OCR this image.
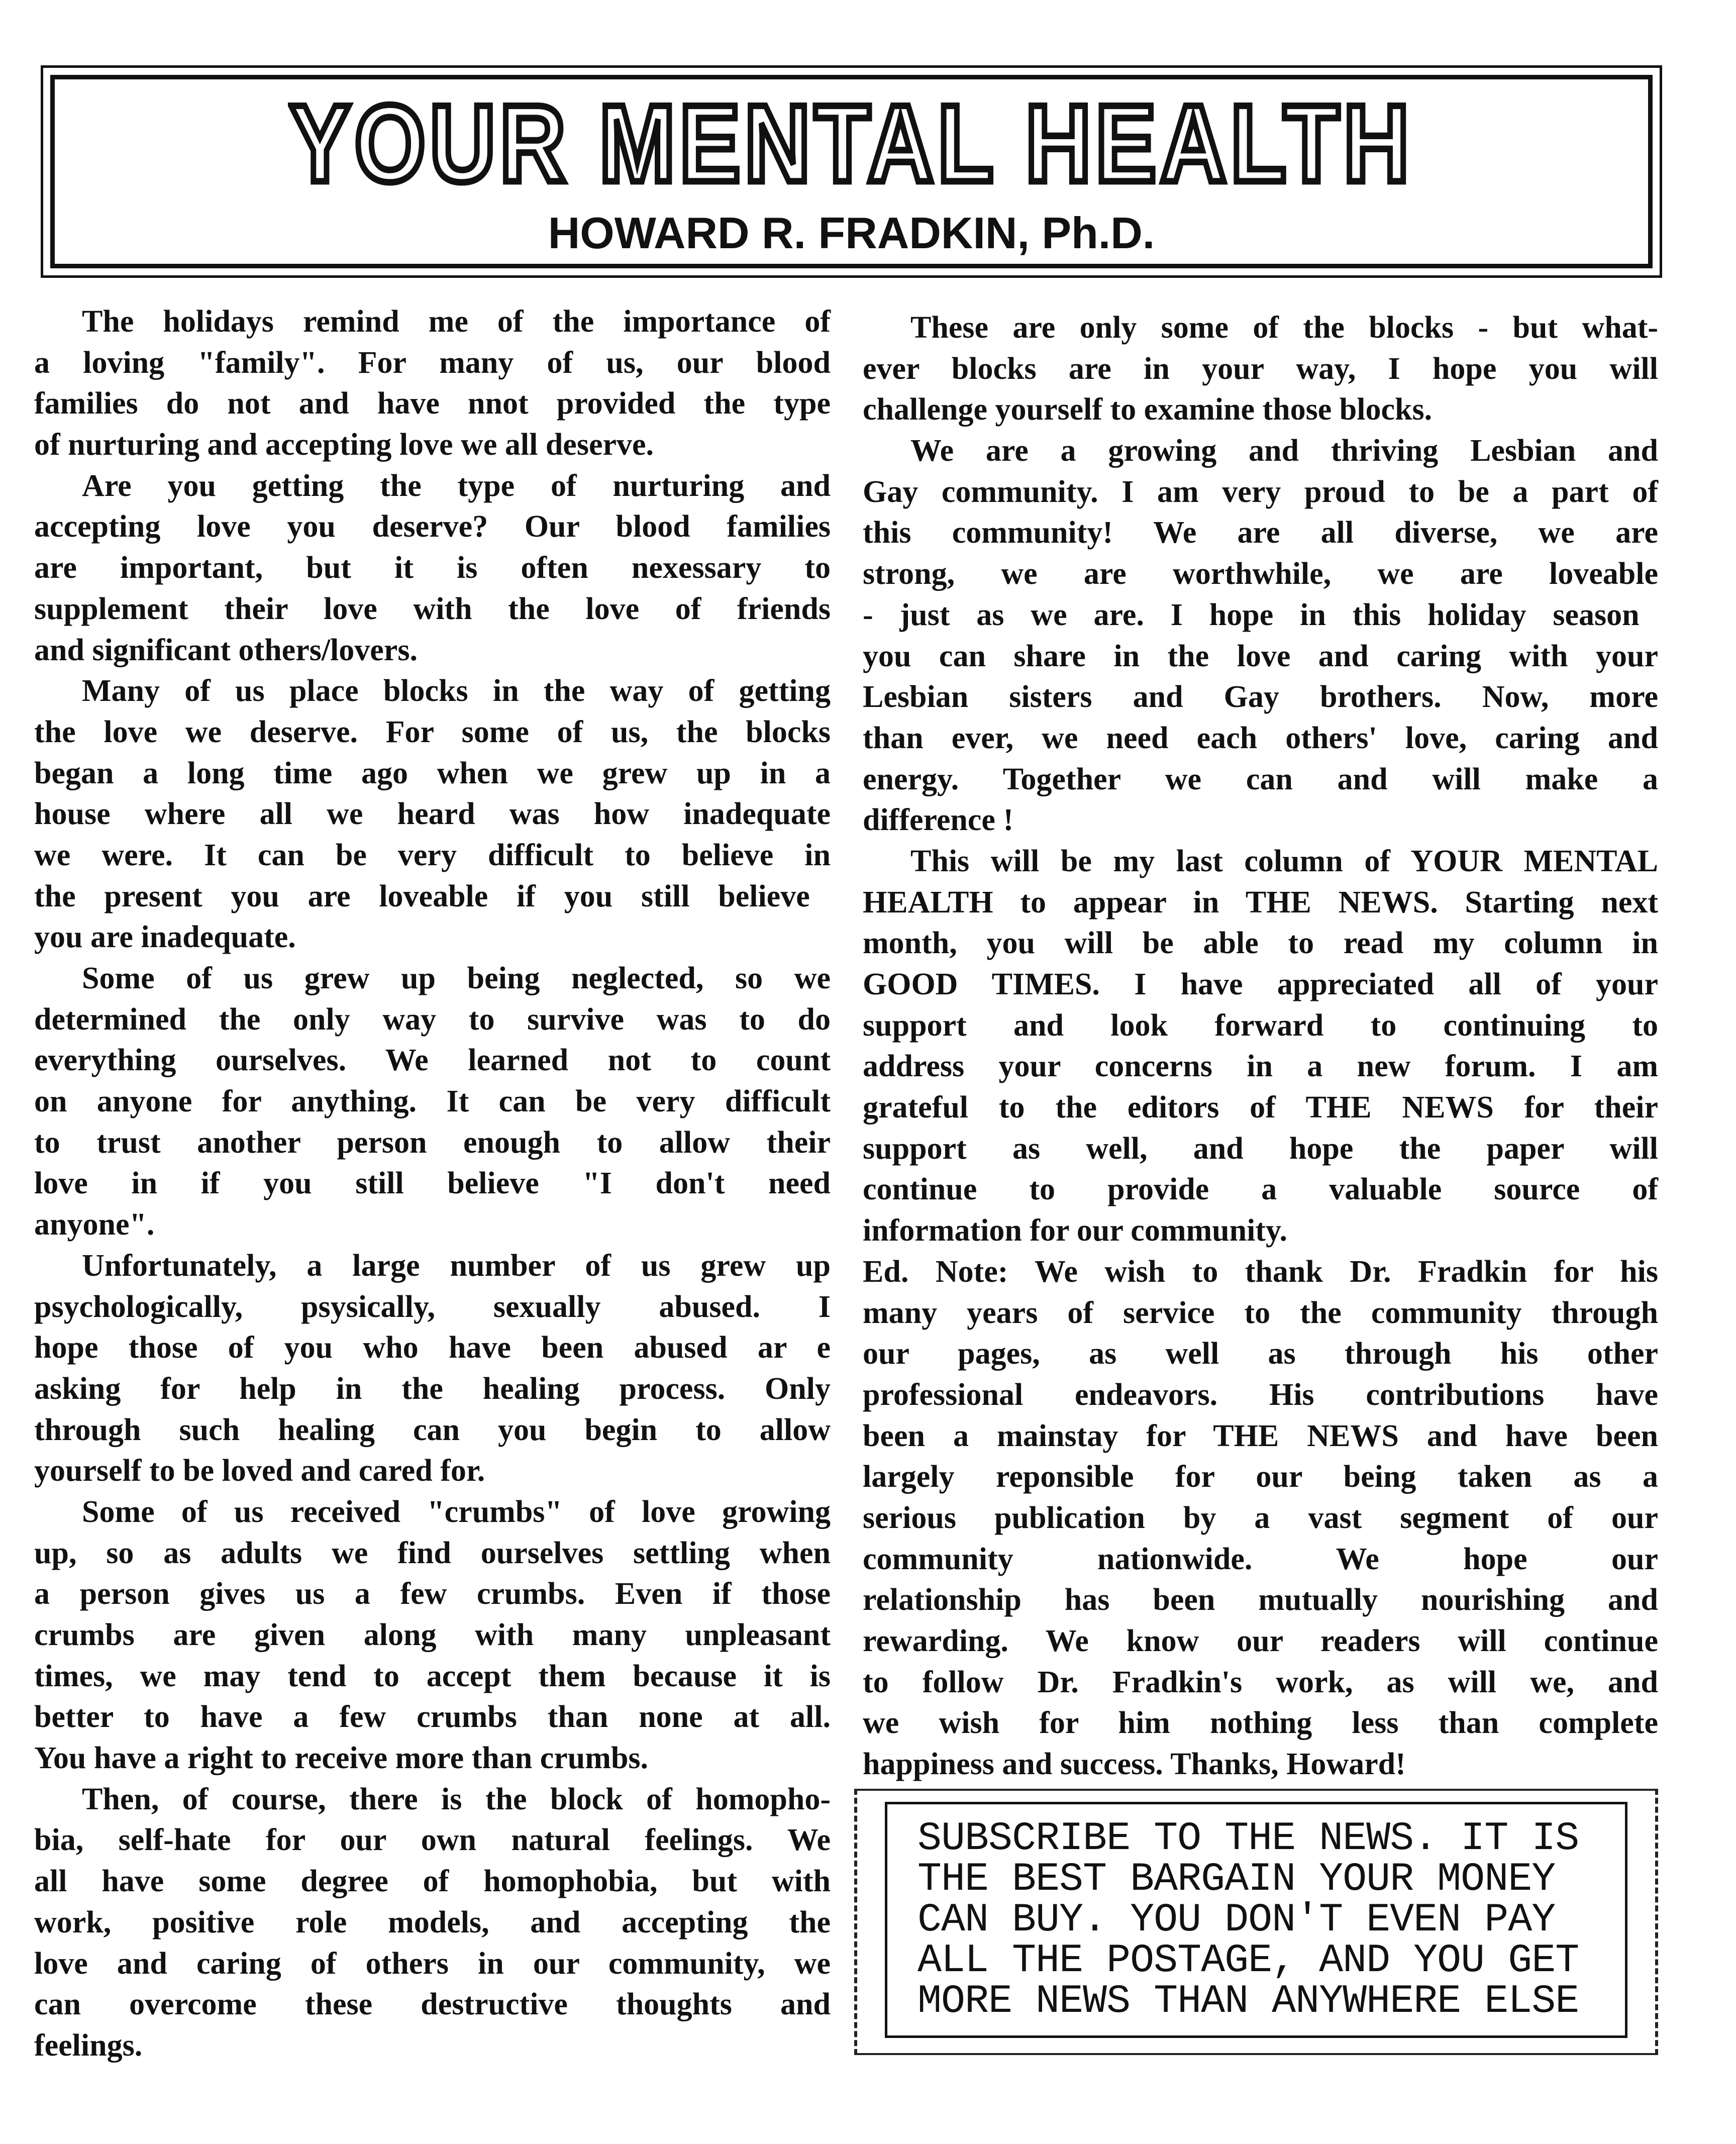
YOUR MENTAL HEALTH
HOWARD R. FRADKIN, Ph.D.
The holidays remind me of the importance of
a loving "family". For many of us, our blood
families do not and have nnot provided the type
of nurturing and accepting love we all deserve.
Are you getting the type of nurturing and
accepting love you deserve? Our blood families
are important, but it is often nexessary to
supplement their love with the love of friends
and significant others/lovers.
Many of us place blocks in the way of getting
the love we deserve. For some of us, the blocks
began a long time ago when we grew up in a
house where all we heard was how inadequate
we were. It can be very difficult to believe in
the present you are loveable if you still believe
you are inadequate.
Some of us grew up being neglected, so we
determined the only way to survive was to do
everything ourselves. We learned not to count
on anyone for anything. It can be very difficult
to trust another person enough to allow their
love in if you still believe "I don't need
anyone".
Unfortunately, a large number of us grew up
psychologically, psysically, sexually abused. I
hope those of you who have been abused ar e
asking for help in the healing process. Only
through such healing can you begin to allow
yourself to be loved and cared for.
Some of us received "crumbs" of love growing
up, so as adults we find ourselves settling when
a person gives us a few crumbs. Even if those
crumbs are given along with many unpleasant
times, we may tend to accept them because it is
better to have a few crumbs than none at all.
You have a right to receive more than crumbs.
Then, of course, there is the block of homopho-
bia, self-hate for our own natural feelings. We
all have some degree of homophobia, but with
work, positive role models, and accepting the
love and caring of others in our community, we
can overcome these destructive thoughts and
feelings.
These are only some of the blocks - but what-
ever blocks are in your way, I hope you will
challenge yourself to examine those blocks.
We are a growing and thriving Lesbian and
Gay community. I am very proud to be a part of
this community! We are all diverse, we are
strong, we are worthwhile, we are loveable
- just as we are. I hope in this holiday season
you can share in the love and caring with your
Lesbian sisters and Gay brothers. Now, more
than ever, we need each others' love, caring and
energy. Together we can and will make a
difference !
This will be my last column of YOUR MENTAL
HEALTH to appear in THE NEWS. Starting next
month, you will be able to read my column in
GOOD TIMES. I have appreciated all of your
support and look forward to continuing to
address your concerns in a new forum. I am
grateful to the editors of THE NEWS for their
support as well, and hope the paper will
continue to provide a valuable source of
information for our community.
Ed. Note: We wish to thank Dr. Fradkin for his
many years of service to the community through
our pages, as well as through his other
professional endeavors. His contributions have
been a mainstay for THE NEWS and have been
largely reponsible for our being taken as a
serious publication by a vast segment of our
community nationwide. We hope our
relationship has been mutually nourishing and
rewarding. We know our readers will continue
to follow Dr. Fradkin's work, as will we, and
we wish for him nothing less than complete
happiness and success. Thanks, Howard!
SUBSCRIBE TO THE NEWS. IT IS
THE BEST BARGAIN YOUR MONEY
CAN BUY. YOU DON'T EVEN PAY
ALL THE POSTAGE, AND YOU GET
MORE NEWS THAN ANYWHERE ELSE
